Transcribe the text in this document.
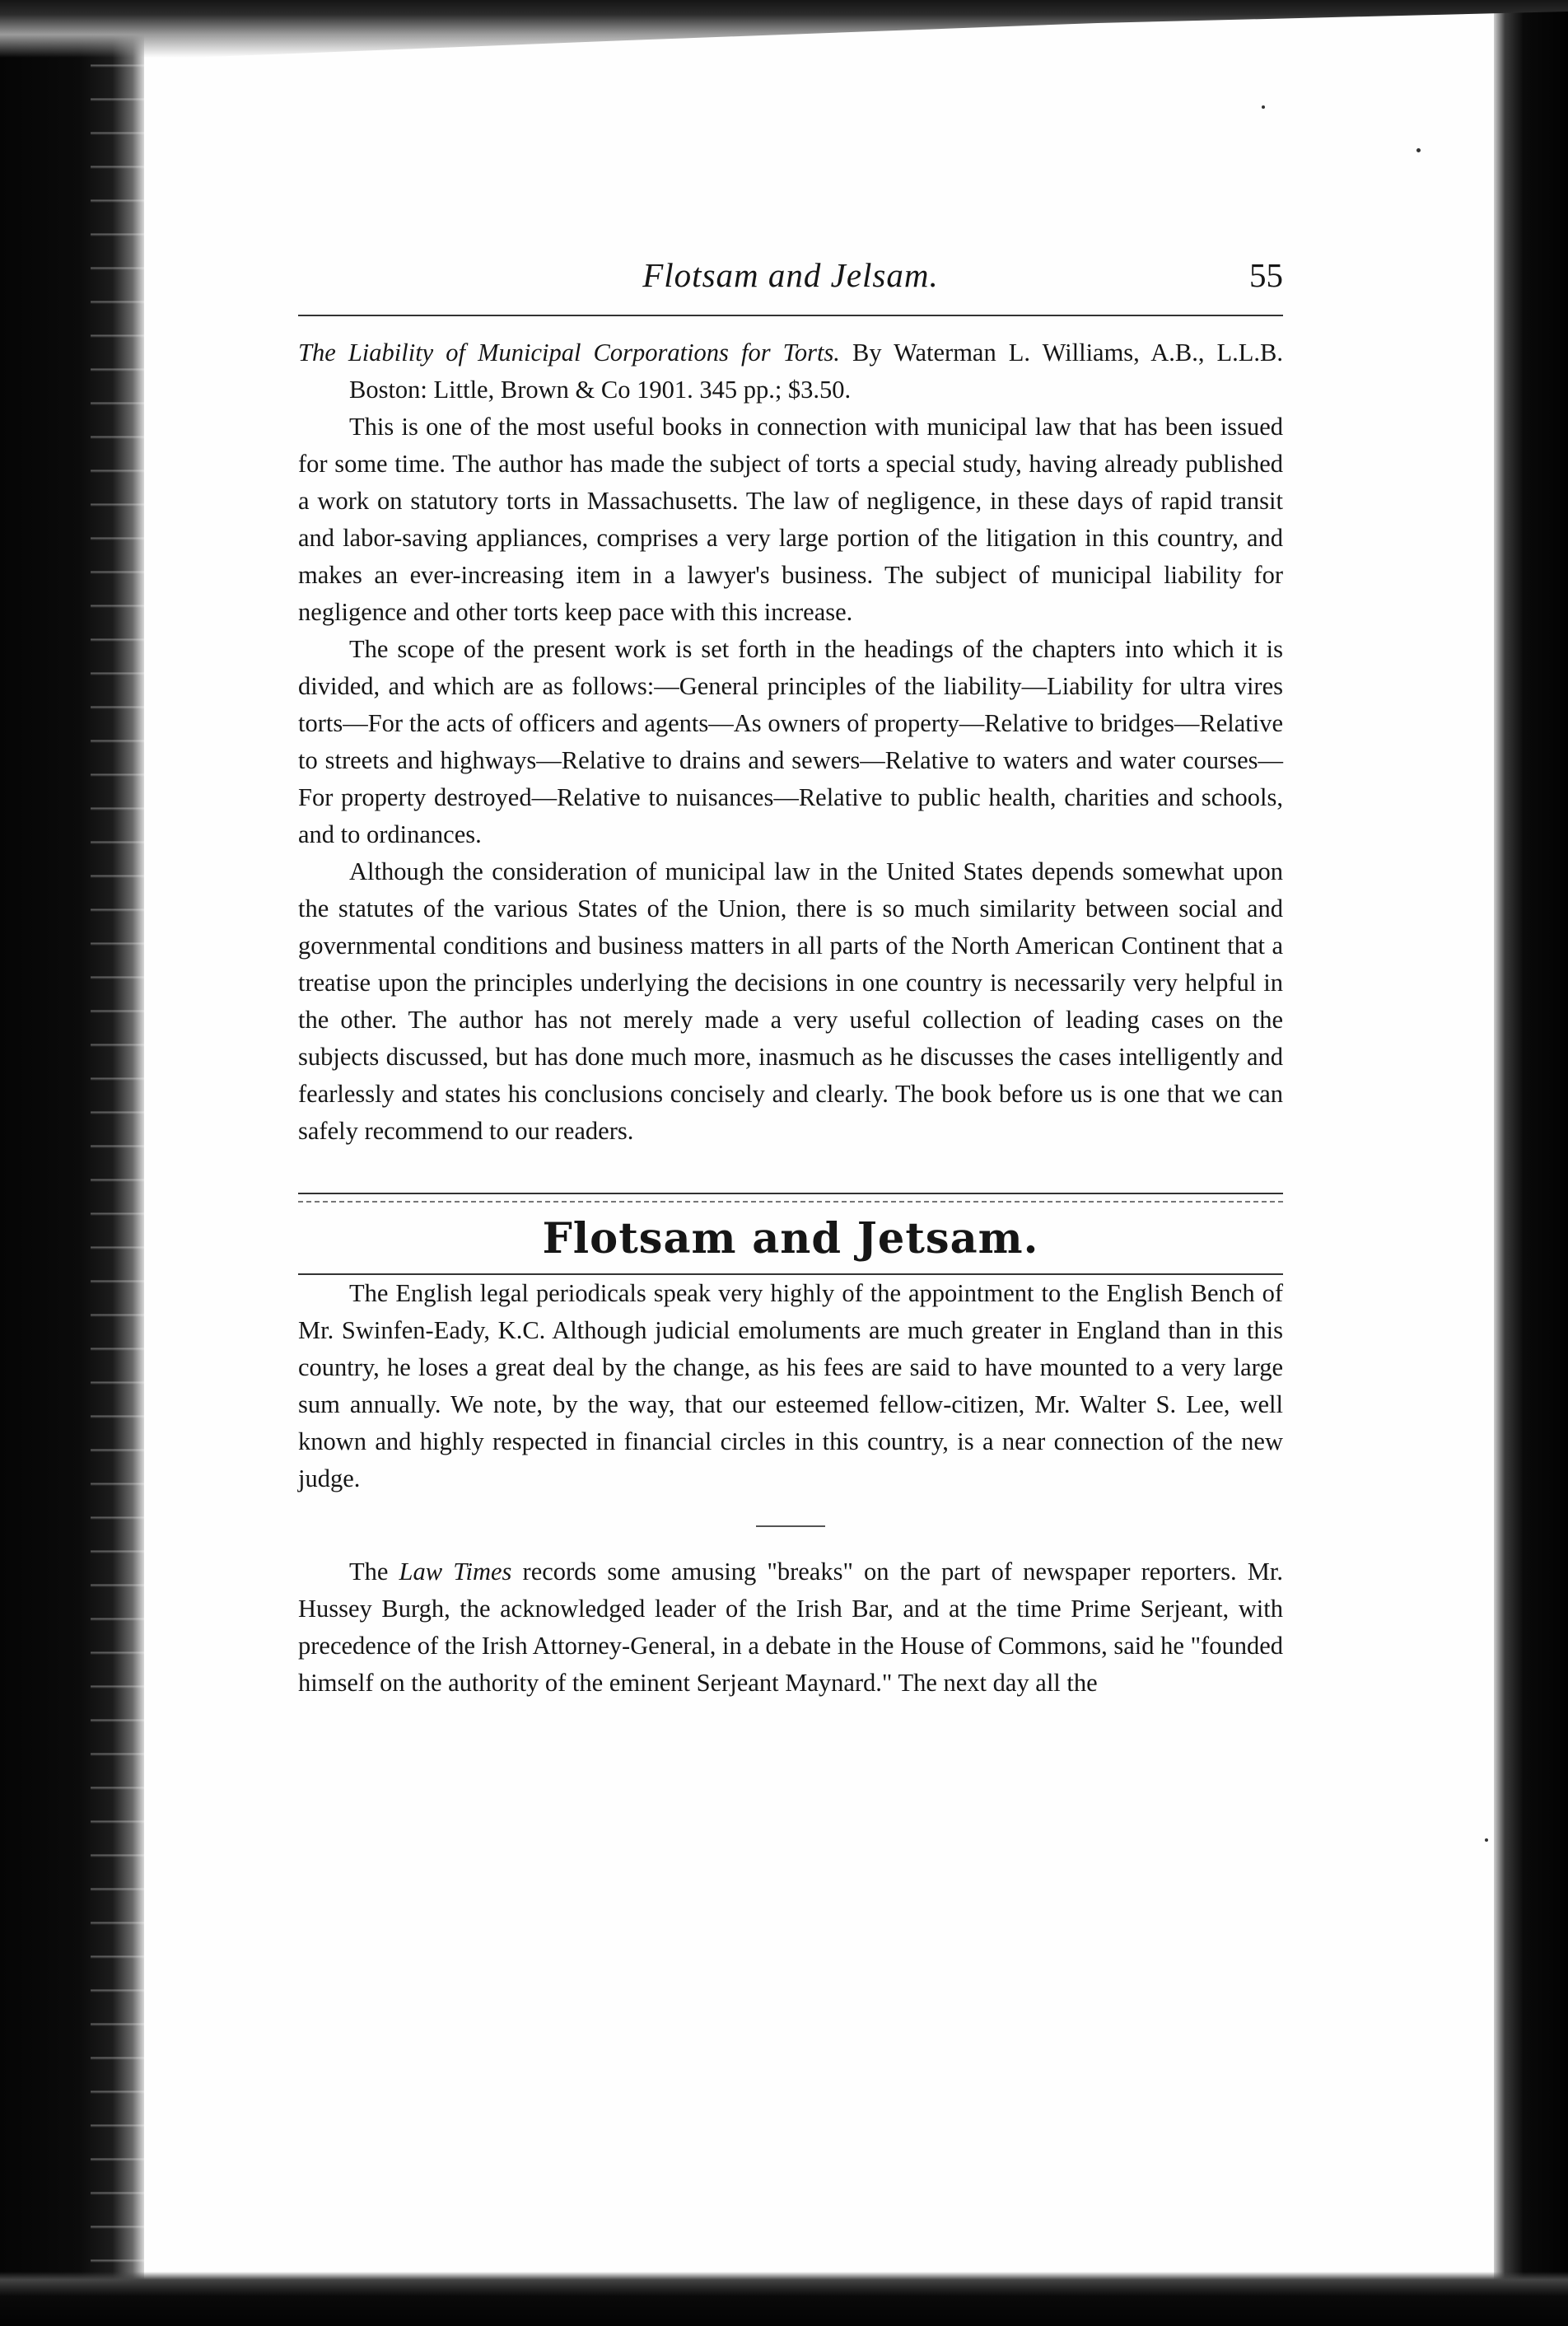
Flotsam and Jelsam.	55
The Liability of Municipal Corporations for Torts. By Waterman L. Williams, A.B., L.L.B. Boston: Little, Brown & Co 1901. 345 pp.; $3.50.

This is one of the most useful books in connection with municipal law that has been issued for some time. The author has made the subject of torts a special study, having already published a work on statutory torts in Massachusetts. The law of negligence, in these days of rapid transit and labor-saving appliances, comprises a very large portion of the litigation in this country, and makes an ever-increasing item in a lawyer's business. The subject of municipal liability for negligence and other torts keep pace with this increase.

The scope of the present work is set forth in the headings of the chapters into which it is divided, and which are as follows:—General principles of the liability—Liability for ultra vires torts—For the acts of officers and agents—As owners of property—Relative to bridges—Relative to streets and highways—Relative to drains and sewers—Relative to waters and water courses—For property destroyed—Relative to nuisances—Relative to public health, charities and schools, and to ordinances.

Although the consideration of municipal law in the United States depends somewhat upon the statutes of the various States of the Union, there is so much similarity between social and governmental conditions and business matters in all parts of the North American Continent that a treatise upon the principles underlying the decisions in one country is necessarily very helpful in the other. The author has not merely made a very useful collection of leading cases on the subjects discussed, but has done much more, inasmuch as he discusses the cases intelligently and fearlessly and states his conclusions concisely and clearly. The book before us is one that we can safely recommend to our readers.

Flotsam and Jetsam.

The English legal periodicals speak very highly of the appointment to the English Bench of Mr. Swinfen-Eady, K.C. Although judicial emoluments are much greater in England than in this country, he loses a great deal by the change, as his fees are said to have mounted to a very large sum annually. We note, by the way, that our esteemed fellow-citizen, Mr. Walter S. Lee, well known and highly respected in financial circles in this country, is a near connection of the new judge.

The Law Times records some amusing "breaks" on the part of newspaper reporters. Mr. Hussey Burgh, the acknowledged leader of the Irish Bar, and at the time Prime Serjeant, with precedence of the Irish Attorney-General, in a debate in the House of Commons, said he "founded himself on the authority of the eminent Serjeant Maynard." The next day all the
